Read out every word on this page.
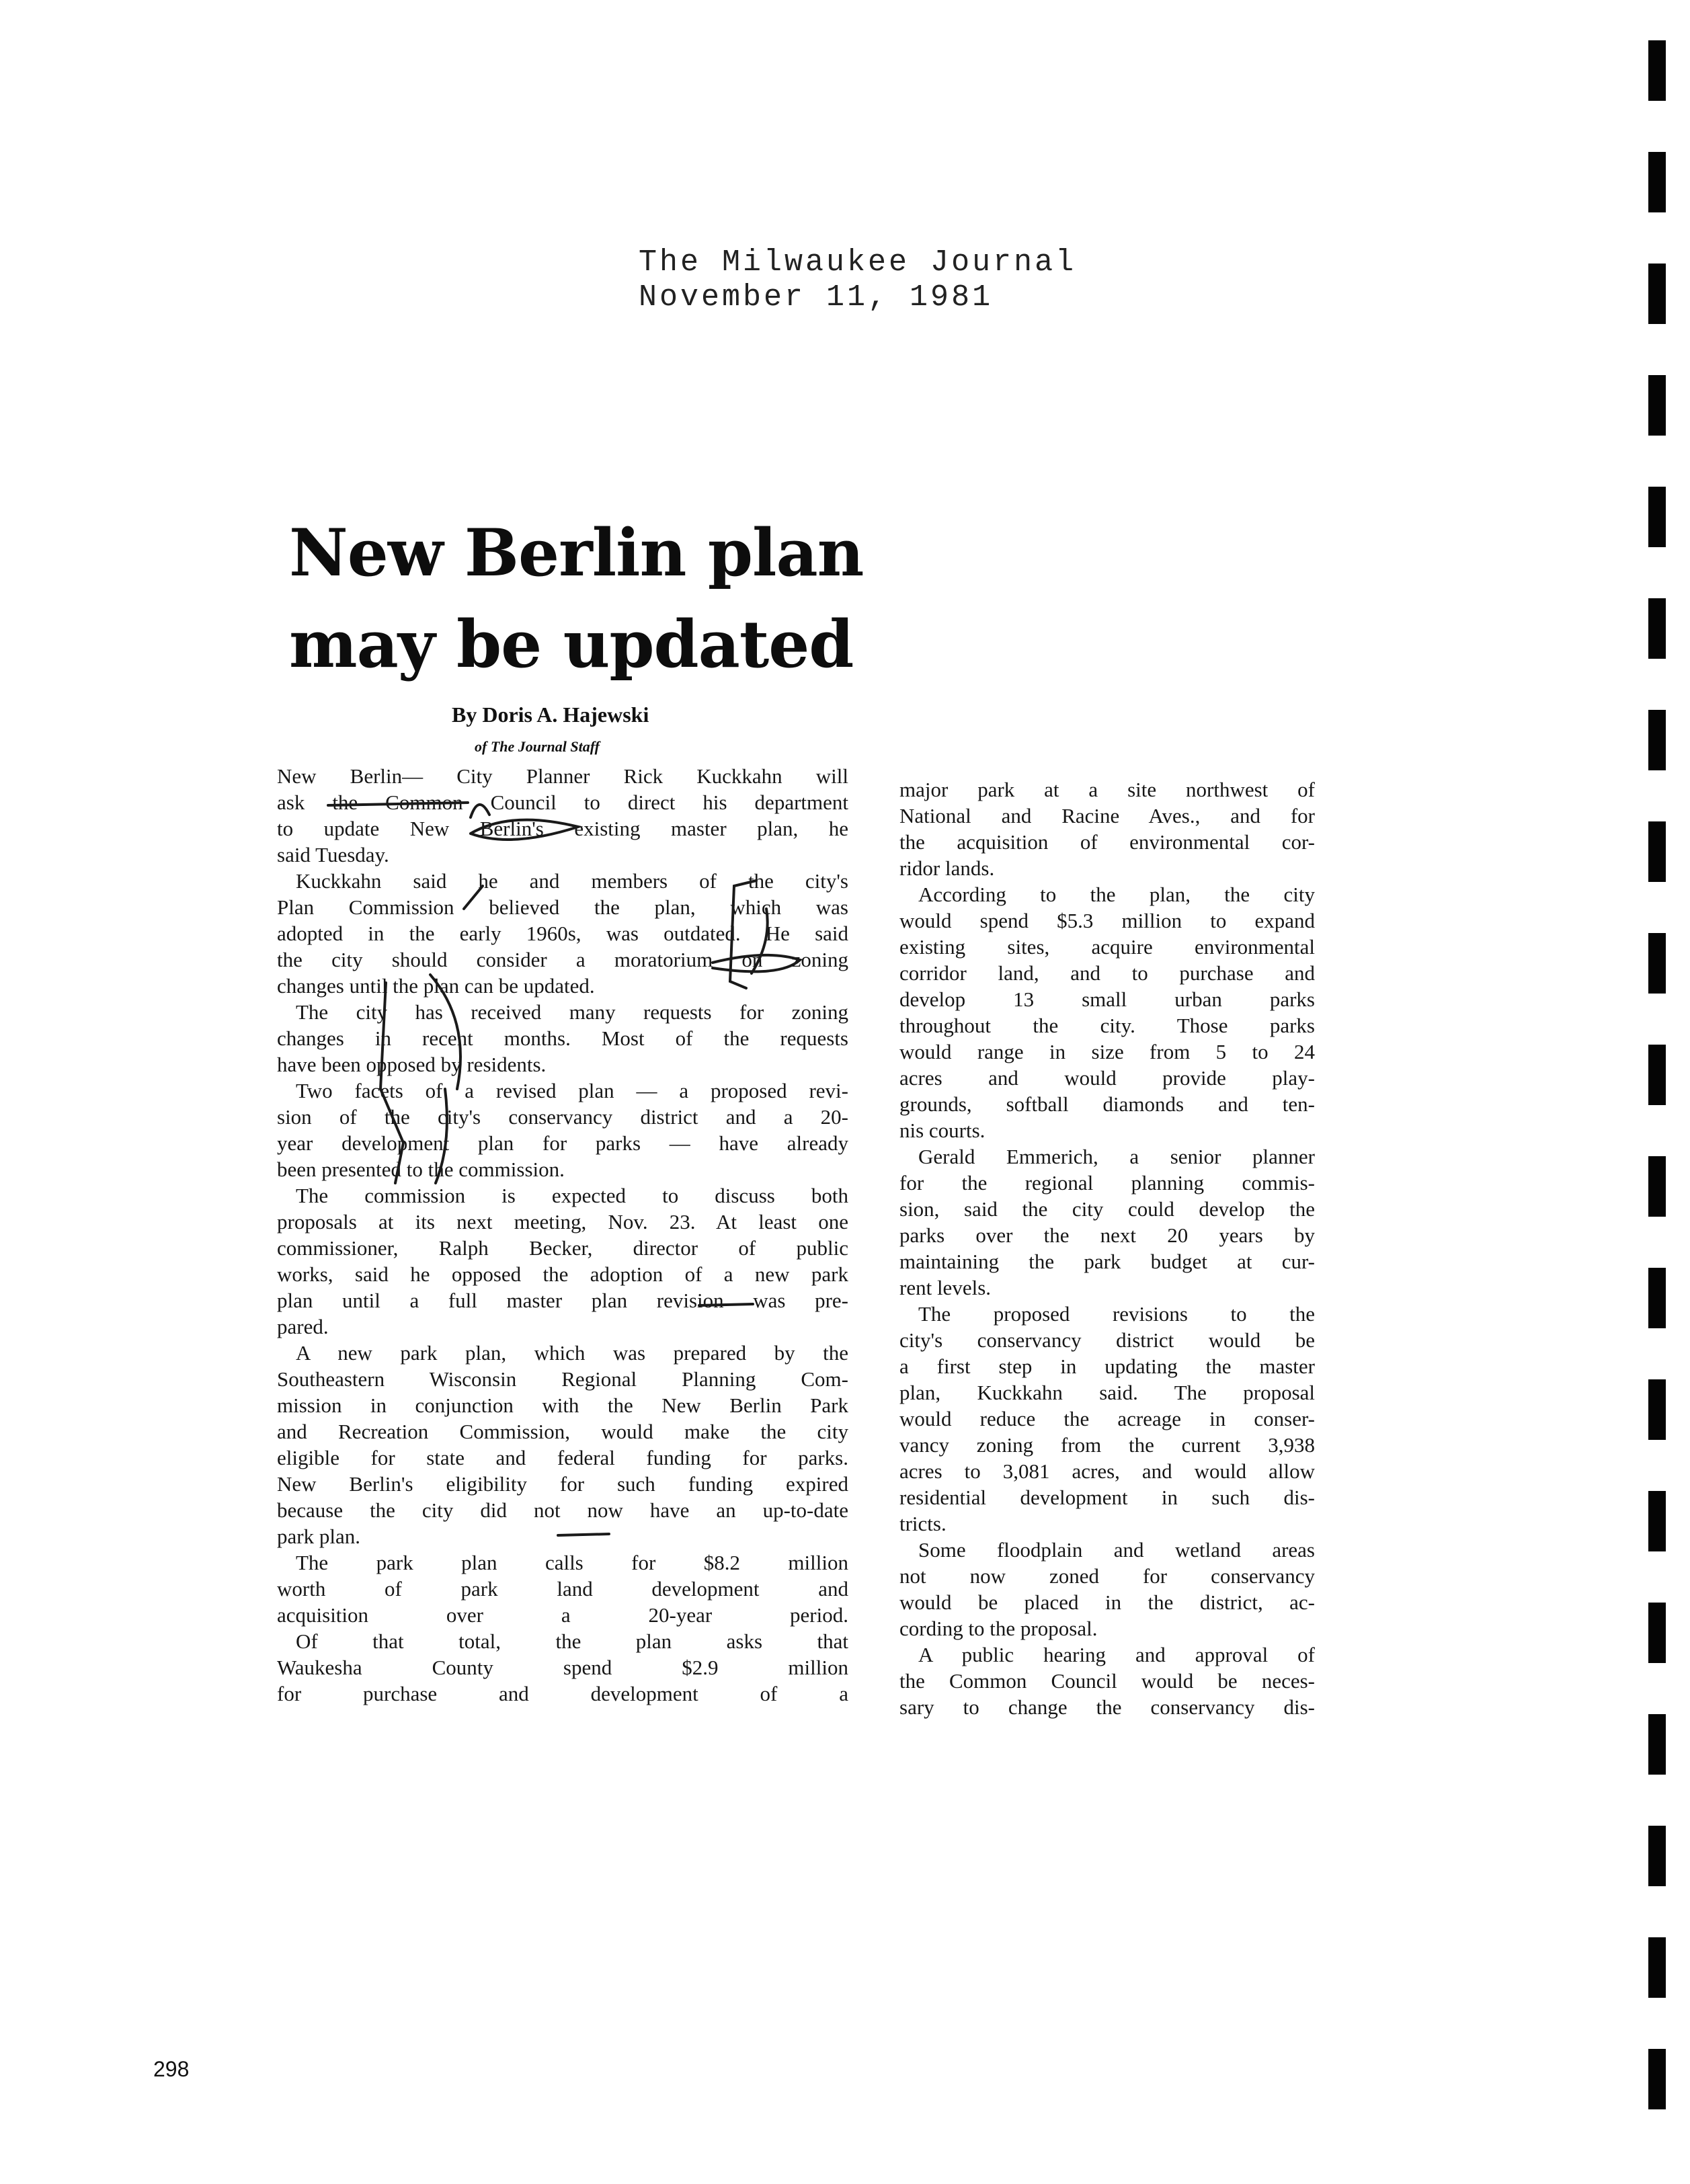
The Milwaukee Journal
November 11, 1981
New Berlin plan
may be updated
By Doris A. Hajewski
of The Journal Staff
New Berlin— City Planner Rick Kuckkahn will
ask the Common Council to direct his department
to update New Berlin's existing master plan, he
said Tuesday.
Kuckkahn said he and members of the city's
Plan Commission believed the plan, which was
adopted in the early 1960s, was outdated. He said
the city should consider a moratorium on zoning
changes until the plan can be updated.
The city has received many requests for zoning
changes in recent months. Most of the requests
have been opposed by residents.
Two facets of a revised plan — a proposed revi-
sion of the city's conservancy district and a 20-
year development plan for parks — have already
been presented to the commission.
The commission is expected to discuss both
proposals at its next meeting, Nov. 23. At least one
commissioner, Ralph Becker, director of public
works, said he opposed the adoption of a new park
plan until a full master plan revision was pre-
pared.
A new park plan, which was prepared by the
Southeastern Wisconsin Regional Planning Com-
mission in conjunction with the New Berlin Park
and Recreation Commission, would make the city
eligible for state and federal funding for parks.
New Berlin's eligibility for such funding expired
because the city did not now have an up-to-date
park plan.
The park plan calls for $8.2 million
worth of park land development and
acquisition over a 20-year period.
Of that total, the plan asks that
Waukesha County spend $2.9 million
for purchase and development of a
major park at a site northwest of
National and Racine Aves., and for
the acquisition of environmental cor-
ridor lands.
According to the plan, the city
would spend $5.3 million to expand
existing sites, acquire environmental
corridor land, and to purchase and
develop 13 small urban parks
throughout the city. Those parks
would range in size from 5 to 24
acres and would provide play-
grounds, softball diamonds and ten-
nis courts.
Gerald Emmerich, a senior planner
for the regional planning commis-
sion, said the city could develop the
parks over the next 20 years by
maintaining the park budget at cur-
rent levels.
The proposed revisions to the
city's conservancy district would be
a first step in updating the master
plan, Kuckkahn said. The proposal
would reduce the acreage in conser-
vancy zoning from the current 3,938
acres to 3,081 acres, and would allow
residential development in such dis-
tricts.
Some floodplain and wetland areas
not now zoned for conservancy
would be placed in the district, ac-
cording to the proposal.
A public hearing and approval of
the Common Council would be neces-
sary to change the conservancy dis-
298
